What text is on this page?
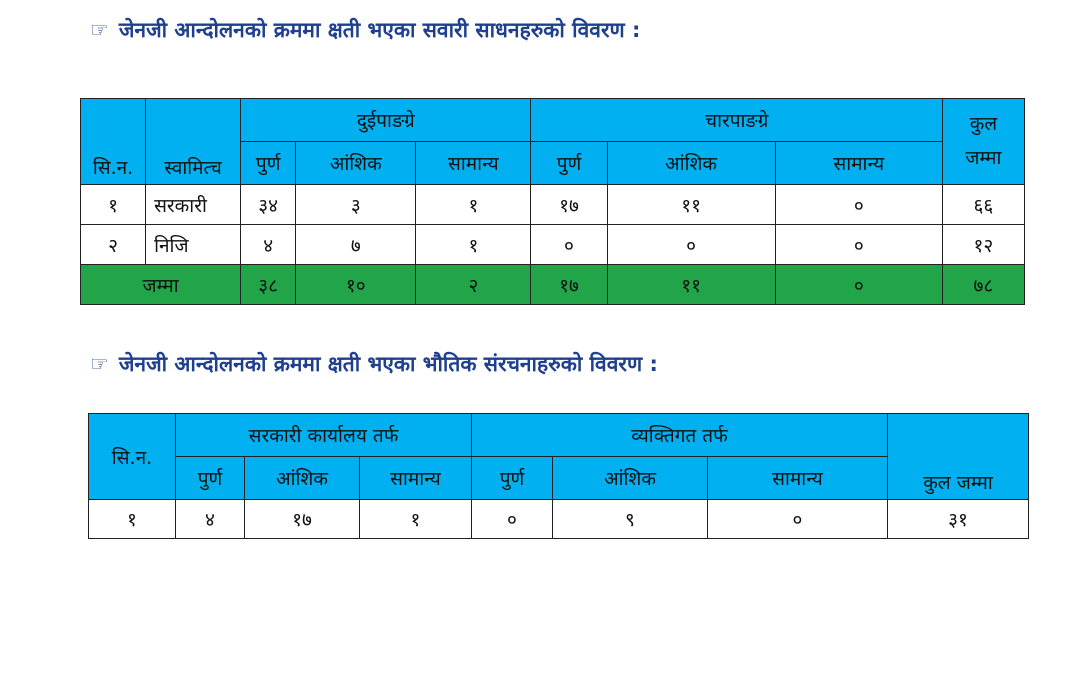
☞ जेनजी आन्दोलनको क्रममा क्षती भएका सवारी साधनहरुको विवरण :
सि.न.	स्वामित्च	दुईपाङग्रे			चारपाङग्रे			कुल जम्मा

		पुर्ण	आंशिक	सामान्य	पुर्ण	आंशिक	सामान्य	
१	सरकारी	३४	३	१	१७	११	०	६६
२	निजि	४	७	१	०	०	०	१२
जम्मा		३८	१०	२	१७	११	०	७८
☞ जेनजी आन्दोलनको क्रममा क्षती भएका भौतिक संरचनाहरुको विवरण :
सि.न.	सरकारी कार्यालय तर्फ			व्यक्तिगत तर्फ			कुल जम्मा
	पुर्ण	आंशिक	सामान्य	पुर्ण	आंशिक	सामान्य	
१	४	१७	१	०	९	०	३१
